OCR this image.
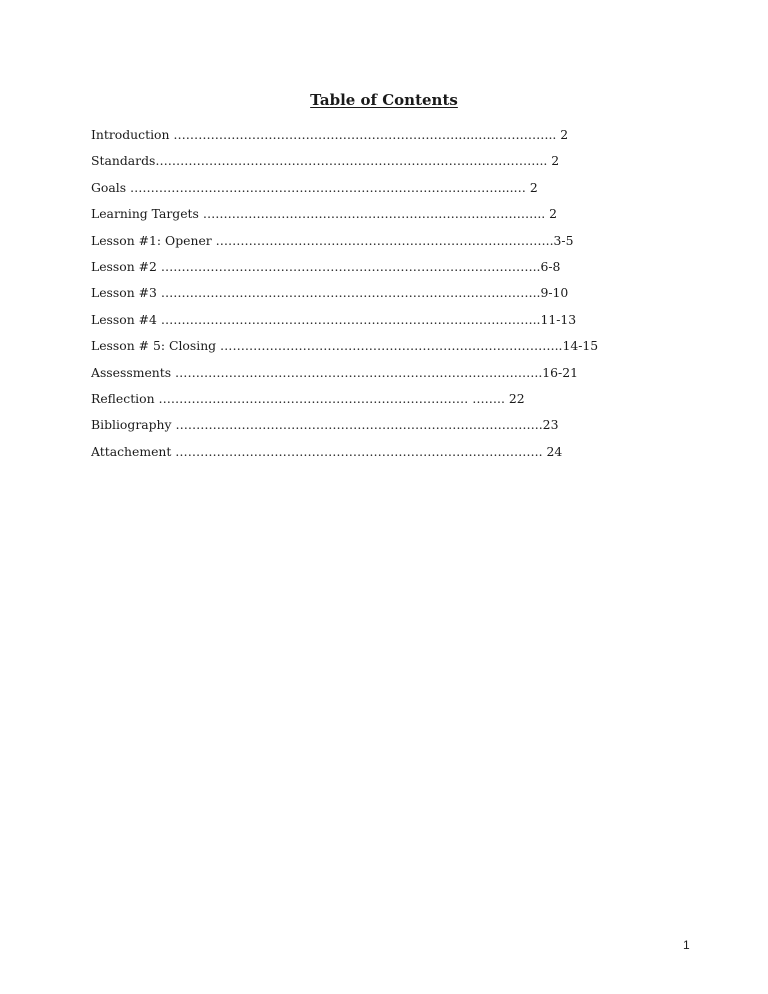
Table of Contents
Introduction ……………………………………………………………....……………….. 2
Standards………………………………………………………………………………….. 2
Goals ………………………………………………………………………………...… 2
Learning Targets ……………………………………………………………………….. 2
Lesson #1: Opener ……………………………………………………………..………..3-5
Lesson #2 ………………………………………………………………………………..6-8
Lesson #3 ………………………………………………………………………………..9-10
Lesson #4 ………………………………………………………………………………..11-13
Lesson # 5: Closing ………………………………………………………………………..14-15
Assessments ……………………………………………………………………………..16-21
Reflection ………………………………………………………………… …….. 22
Bibliography ……………………………………………………………………………..23
Attachement …………………………………………………………………………….. 24

1
